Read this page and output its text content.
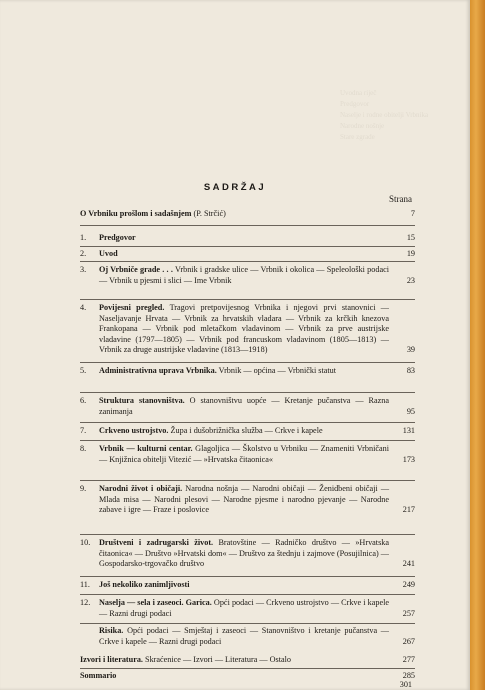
Uvodna riječ
Predgovor
Naselje i rodne obitelji Vrbnika
Narodne nošnje
Stare zgrade
SADRŽAJ
Strana
O Vrbniku prošlom i sadašnjem (P. Strčić)	7
1.	Predgovor	15
2.	Uvod	19
3.	Oj Vrbniče grade . . . Vrbnik i gradske ulice — Vrbnik i okolica — Speleološki podaci — Vrbnik u pjesmi i slici — Ime Vrbnik	23
4.	Povijesni pregled. Tragovi pretpovijesnog Vrbnika i njegovi prvi stanovnici — Naseljavanje Hrvata — Vrbnik za hrvatskih vladara — Vrbnik za krčkih knezova Frankopana — Vrbnik pod mletačkom vladavinom — Vrbnik za prve austrijske vladavine (1797—1805) — Vrbnik pod francuskom vladavinom (1805—1813) — Vrbnik za druge austrijske vladavine (1813—1918)	39
5.	Administrativna uprava Vrbnika. Vrbnik — općina — Vrbnički statut	83
6.	Struktura stanovništva. O stanovništvu uopće — Kretanje pučanstva — Razna zanimanja	95
7.	Crkveno ustrojstvo. Župa i dušobrižnička služba — Crkve i kapele	131
8.	Vrbnik — kulturni centar. Glagoljica — Školstvo u Vrbniku — Znameniti Vrbničani — Knjižnica obitelji Vitezić — »Hrvatska čitaonica«	173
9.	Narodni život i običaji. Narodna nošnja — Narodni običaji — Ženidbeni običaji — Mlada misa — Narodni plesovi — Narodne pjesme i narodno pjevanje — Narodne zabave i igre — Fraze i poslovice	217
10.	Društveni i zadrugarski život. Bratovštine — Radničko društvo — »Hrvatska čitaonica« — Društvo »Hrvatski dom« — Društvo za štednju i zajmove (Posujilnica) — Gospodarsko-trgovačko društvo	241
11.	Još nekoliko zanimljivosti	249
12.	Naselja — sela i zaseoci. Garica. Opći podaci — Crkveno ustrojstvo — Crkve i kapele — Razni drugi podaci	257
Risika. Opći podaci — Smještaj i zaseoci — Stanovništvo i kretanje pučanstva — Crkve i kapele — Razni drugi podaci	267
Izvori i literatura. Skraćenice — Izvori — Literatura — Ostalo	277
Sommario	285
301
